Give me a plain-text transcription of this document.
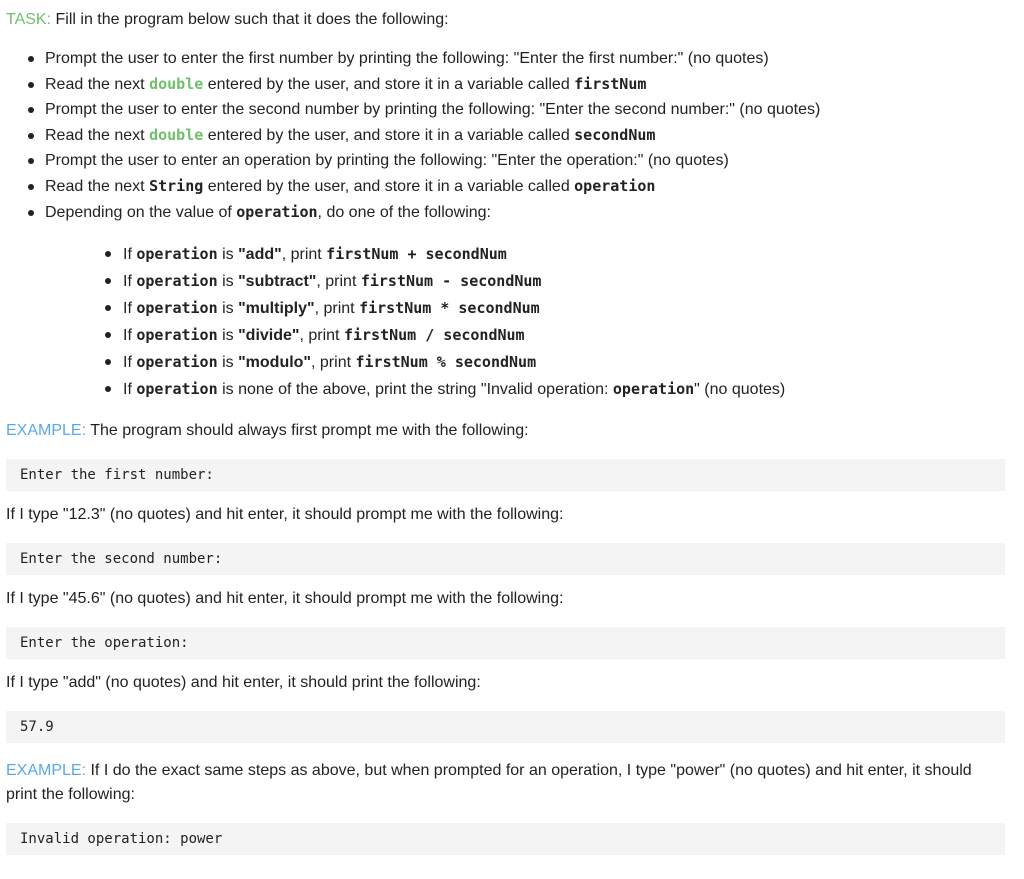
TASK: Fill in the program below such that it does the following:

Prompt the user to enter the first number by printing the following: "Enter the first number:" (no quotes)
Read the next double entered by the user, and store it in a variable called firstNum
Prompt the user to enter the second number by printing the following: "Enter the second number:" (no quotes)
Read the next double entered by the user, and store it in a variable called secondNum
Prompt the user to enter an operation by printing the following: "Enter the operation:" (no quotes)
Read the next String entered by the user, and store it in a variable called operation
Depending on the value of operation, do one of the following:
If operation is "add", print firstNum + secondNum
If operation is "subtract", print firstNum - secondNum
If operation is "multiply", print firstNum * secondNum
If operation is "divide", print firstNum / secondNum
If operation is "modulo", print firstNum % secondNum
If operation is none of the above, print the string "Invalid operation: operation" (no quotes)

EXAMPLE: The program should always first prompt me with the following:

Enter the first number:

If I type "12.3" (no quotes) and hit enter, it should prompt me with the following:

Enter the second number:

If I type "45.6" (no quotes) and hit enter, it should prompt me with the following:

Enter the operation:

If I type "add" (no quotes) and hit enter, it should print the following:

57.9

EXAMPLE: If I do the exact same steps as above, but when prompted for an operation, I type "power" (no quotes) and hit enter, it should print the following:

Invalid operation: power
